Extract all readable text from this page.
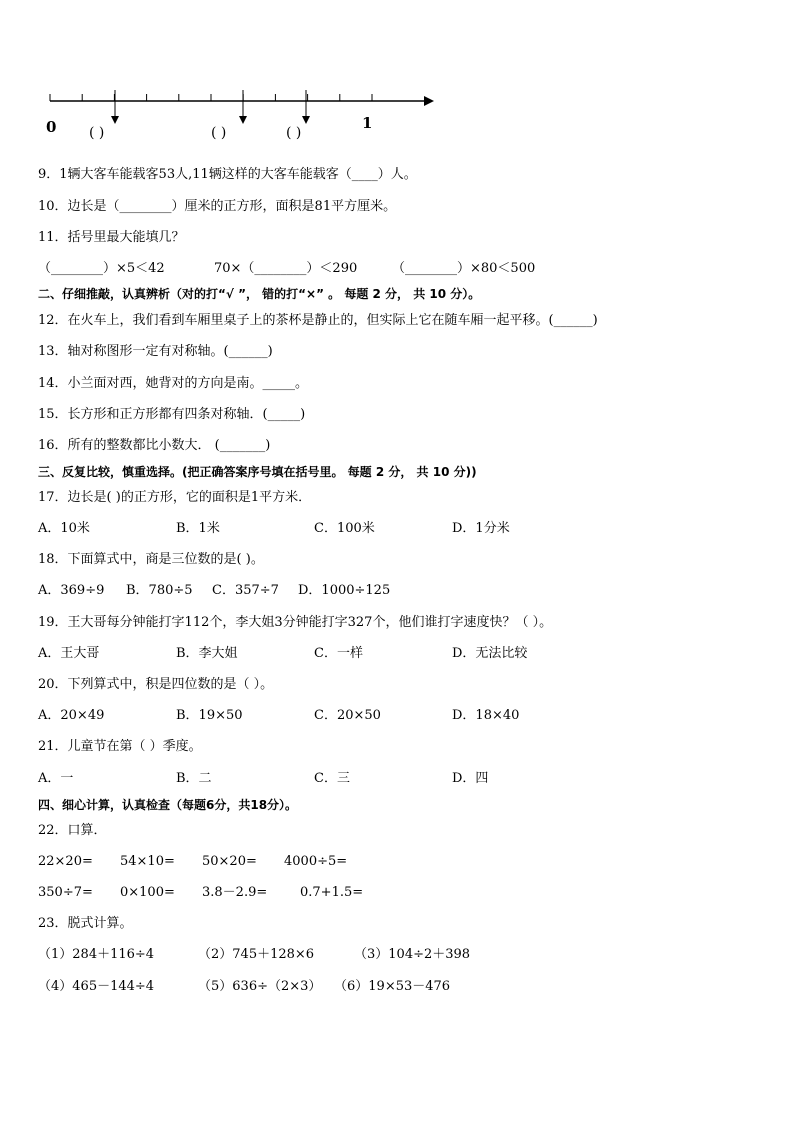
0	1
( )	( )	( )
9．1辆大客车能载客53人,11辆这样的大客车能载客（____）人。
10．边长是（________）厘米的正方形，面积是81平方厘米。
11．括号里最大能填几？
（________）×5＜42	70×（________）＜290	（________）×80＜500
二、仔细推敲，认真辨析（对的打“√ ”， 错的打“×” 。 每题 2 分， 共 10 分）。
12．在火车上，我们看到车厢里桌子上的茶杯是静止的，但实际上它在随车厢一起平移。(______)
13．轴对称图形一定有对称轴。(______)
14．小兰面对西，她背对的方向是南。_____。
15．长方形和正方形都有四条对称轴．(_____)
16．所有的整数都比小数大． (_______)
三、反复比较，慎重选择。(把正确答案序号填在括号里。 每题 2 分， 共 10 分))
17．边长是( )的正方形，它的面积是1平方米．
A．10米	B．1米	C．100米	D．1分米
18．下面算式中，商是三位数的是( )。
A．369÷9 B．780÷5 C．357÷7 D．1000÷125
19．王大哥每分钟能打字112个，李大姐3分钟能打字327个，他们谁打字速度快？（ ）。
A．王大哥	B．李大姐	C．一样	D．无法比较
20．下列算式中，积是四位数的是（ ）。
A．20×49	B．19×50	C．20×50	D．18×40
21．儿童节在第（ ）季度。
A．一	B．二	C．三	D．四
四、细心计算，认真检查（每题6分，共18分）。
22．口算．
22×20= 54×10= 50×20= 4000÷5=
350÷7= 0×100= 3.8－2.9=	0.7+1.5=
23．脱式计算。
（1）284＋116÷4	（2）745＋128×6	（3）104÷2＋398
（4）465－144÷4	（5）636÷（2×3） （6）19×53－476
